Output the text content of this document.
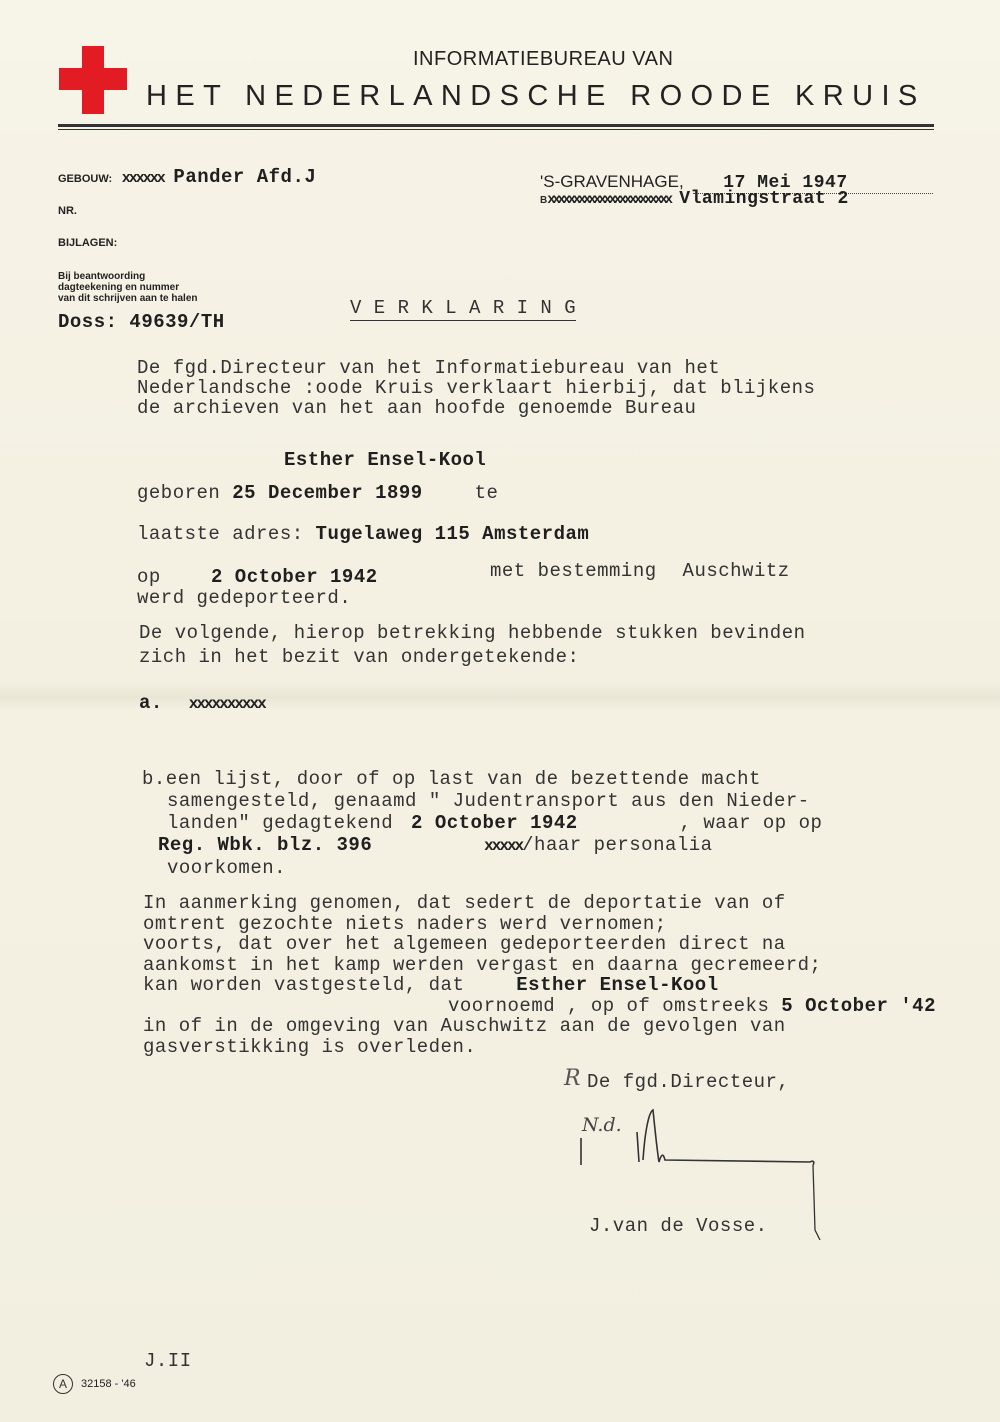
INFORMATIEBUREAU VAN
HET NEDERLANDSCHE ROODE KRUIS
GEBOUW: xxxxxx Pander Afd.J
NR.
BIJLAGEN:
Bij beantwoording
dagteekening en nummer
van dit schrijven aan te halen
Doss: 49639/TH
'S-GRAVENHAGE, 17 Mei 1947
Bxxxxxxxxxxxxxxxxxxxxxxxx Vlamingstraat 2
V E R K L A R I N G
De fgd.Directeur van het Informatiebureau van het
Nederlandsche :oode Kruis verklaart hierbij, dat blijkens
de archieven van het aan hoofde genoemde Bureau
Esther Ensel-Kool
geboren 25 December 1899	te
laatste adres: Tugelaweg 115 Amsterdam
op	2 October 1942	met bestemming Auschwitz
werd gedeporteerd.
De volgende, hierop betrekking hebbende stukken bevinden
zich in het bezit van ondergetekende:
a. xxxxxxxxxx
b.een lijst, door of op last van de bezettende macht
samengesteld, genaamd " Judentransport aus den Nieder-
landen" gedagtekend 2 October 1942	, waar op op
Reg. Wbk. blz. 396	xxxxx/haar personalia
voorkomen.
In aanmerking genomen, dat sedert de deportatie van of
omtrent gezochte niets naders werd vernomen;
voorts, dat over het algemeen gedeporteerden direct na
aankomst in het kamp werden vergast en daarna gecremeerd;
kan worden vastgesteld, dat	Esther Ensel-Kool
voornoemd , op of omstreeks 5 October '42
in of in de omgeving van Auschwitz aan de gevolgen van
gasverstikking is overleden.
R De fgd.Directeur,
N.d.
J.van de Vosse.
J.II
A	32158 - '46
